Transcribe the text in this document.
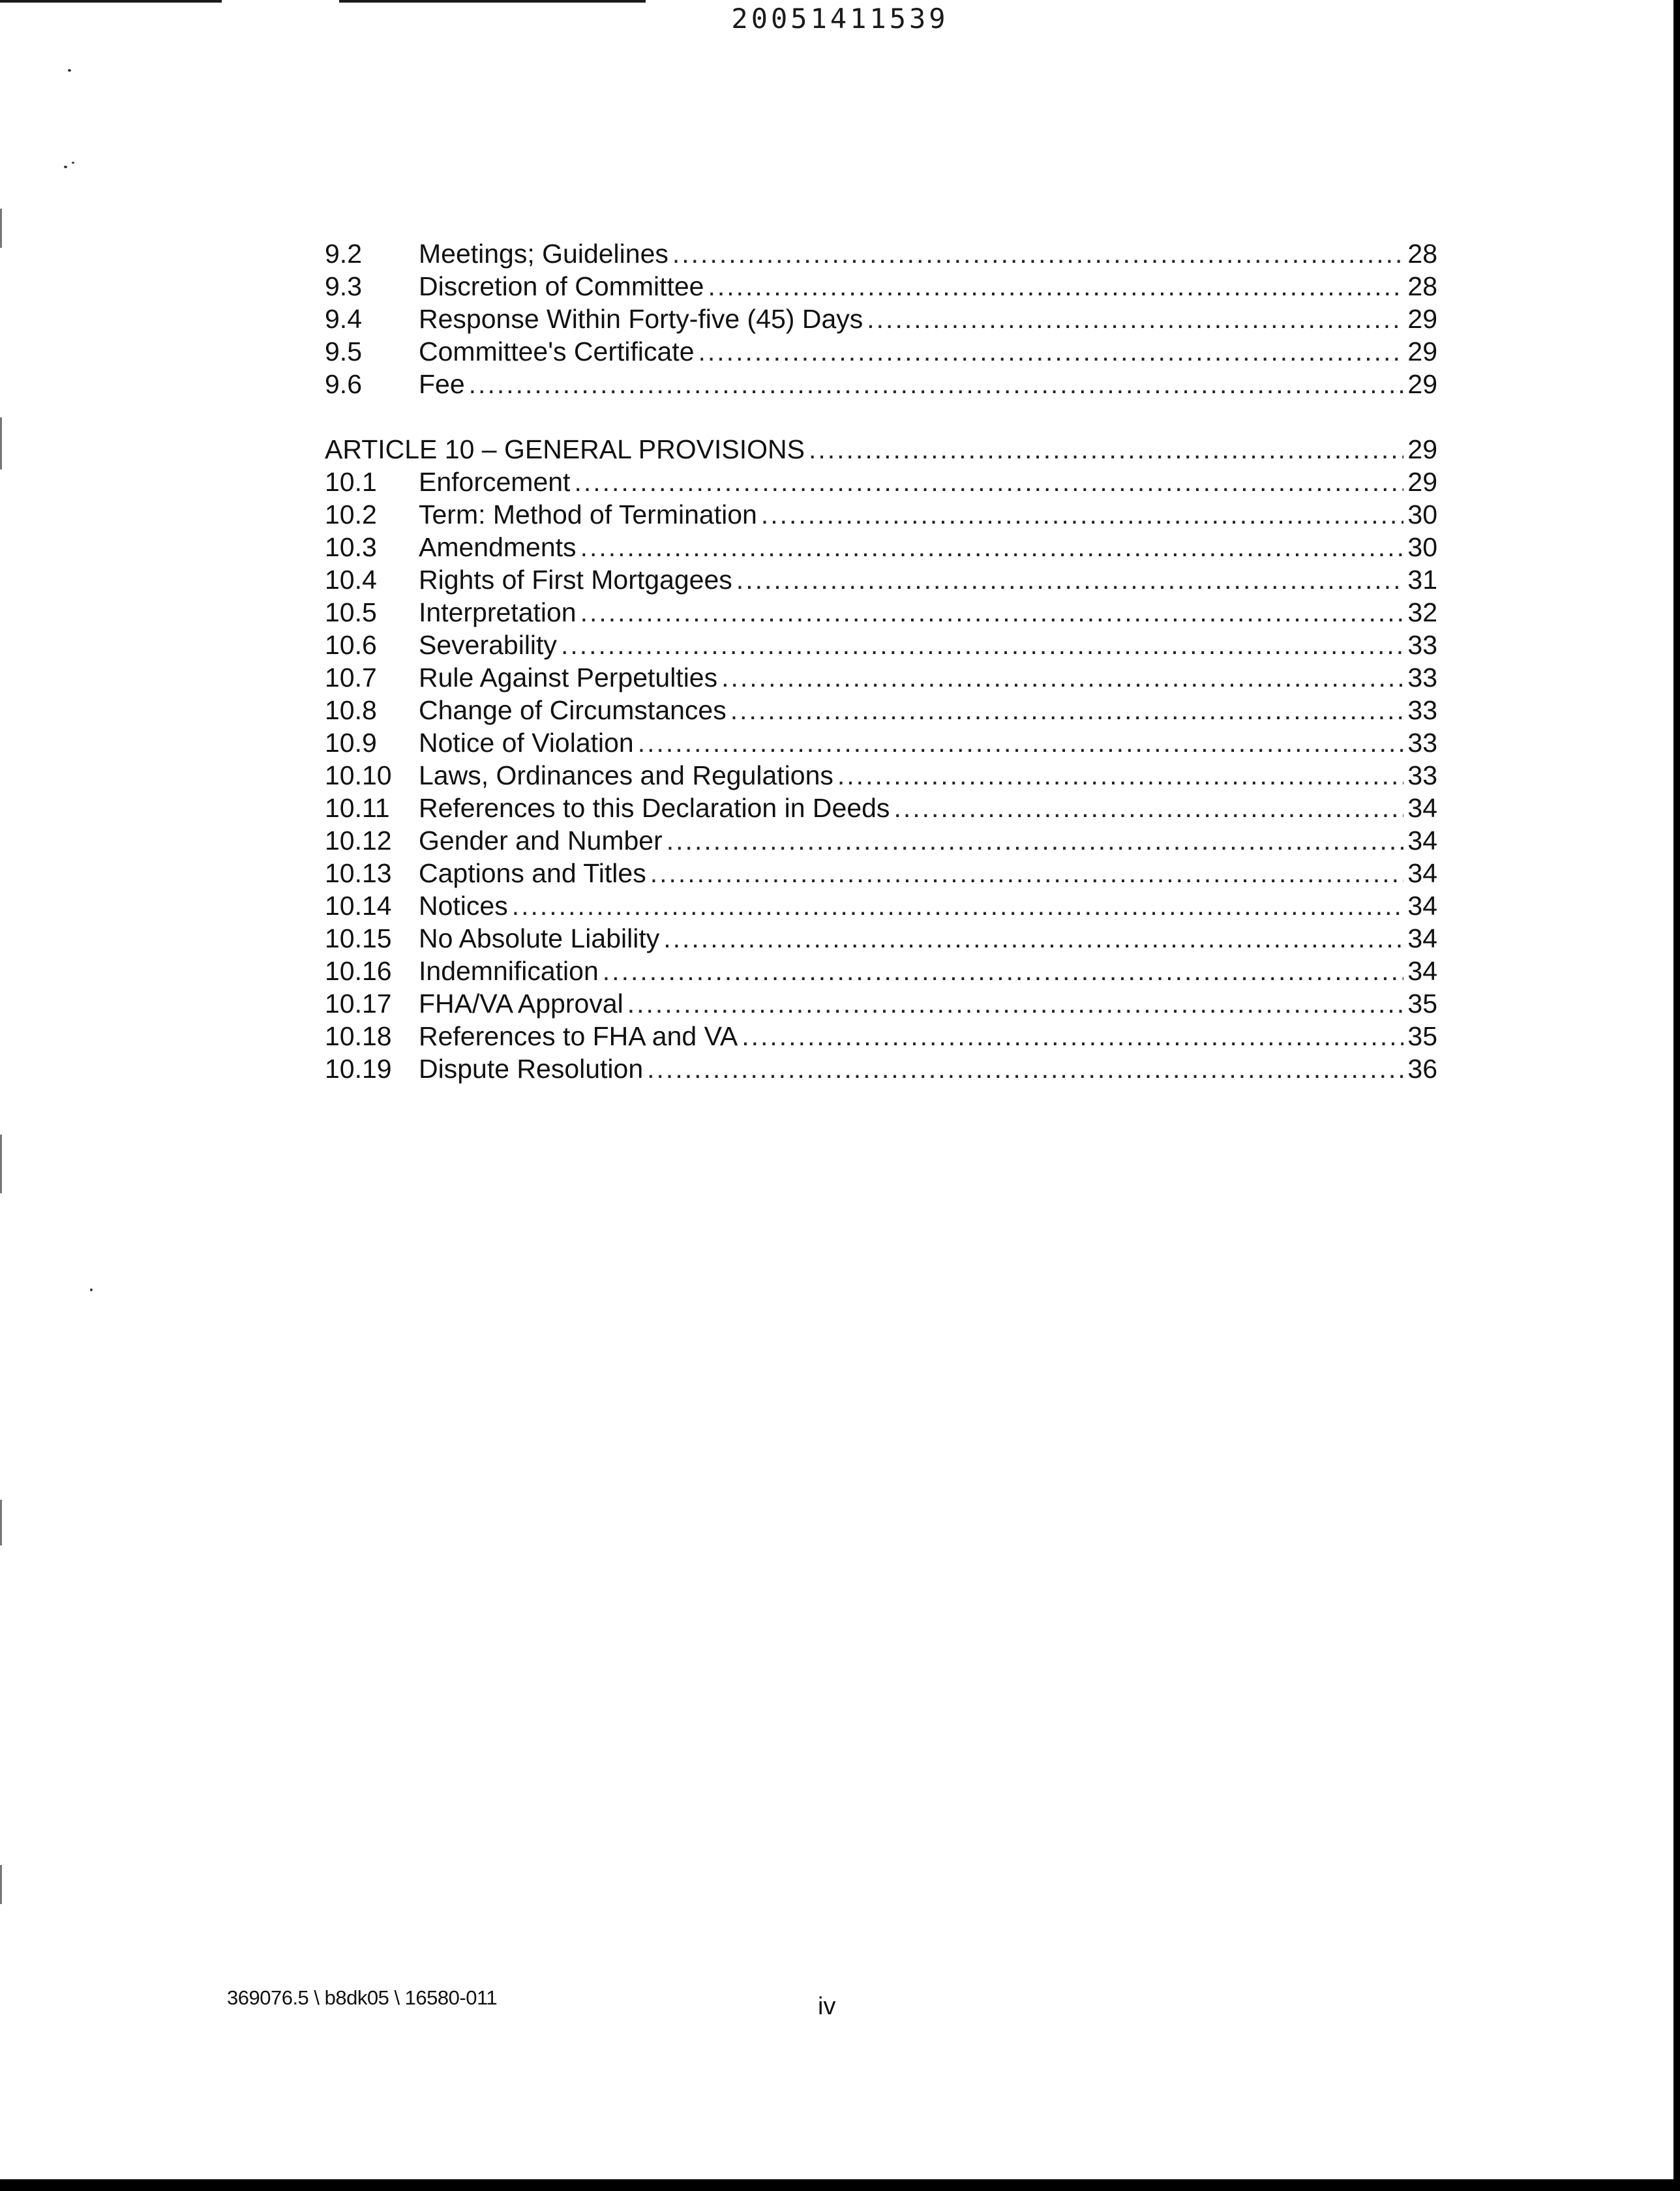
20051411539
9.2	Meetings; Guidelines .....	28
9.3	Discretion of Committee .....	28
9.4	Response Within Forty-five (45) Days .....	29
9.5	Committee's Certificate .....	29
9.6	Fee .....	29
ARTICLE 10 – GENERAL PROVISIONS .....	29
10.1	Enforcement .....	29
10.2	Term: Method of Termination .....	30
10.3	Amendments .....	30
10.4	Rights of First Mortgagees .....	31
10.5	Interpretation .....	32
10.6	Severability .....	33
10.7	Rule Against Perpetulties .....	33
10.8	Change of Circumstances .....	33
10.9	Notice of Violation .....	33
10.10	Laws, Ordinances and Regulations .....	33
10.11	References to this Declaration in Deeds .....	34
10.12	Gender and Number .....	34
10.13	Captions and Titles .....	34
10.14	Notices .....	34
10.15	No Absolute Liability .....	34
10.16	Indemnification .....	34
10.17	FHA/VA Approval .....	35
10.18	References to FHA and VA .....	35
10.19	Dispute Resolution .....	36
369076.5 \ b8dk05 \ 16580-011	iv
